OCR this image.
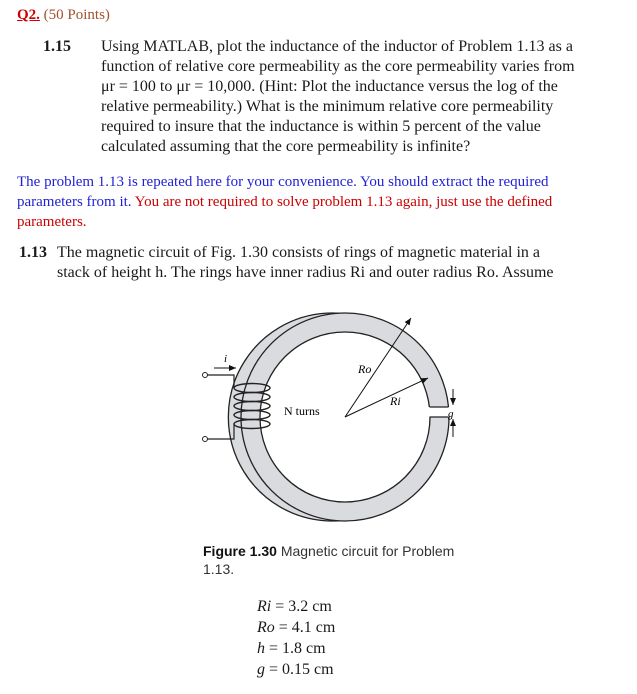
Q2. (50 Points)
1.15 Using MATLAB, plot the inductance of the inductor of Problem 1.13 as a
function of relative core permeability as the core permeability varies from
μr = 100 to μr = 10,000. (Hint: Plot the inductance versus the log of the
relative permeability.) What is the minimum relative core permeability
required to insure that the inductance is within 5 percent of the value
calculated assuming that the core permeability is infinite?
The problem 1.13 is repeated here for your convenience. You should extract the required parameters from it. You are not required to solve problem 1.13 again, just use the defined parameters.
1.13 The magnetic circuit of Fig. 1.30 consists of rings of magnetic material in a
stack of height h. The rings have inner radius Ri and outer radius Ro. Assume
g
Ro
Ri
i
N turns
Figure 1.30 Magnetic circuit for Problem 1.13.
Ri = 3.2 cm
Ro = 4.1 cm
h = 1.8 cm
g = 0.15 cm
